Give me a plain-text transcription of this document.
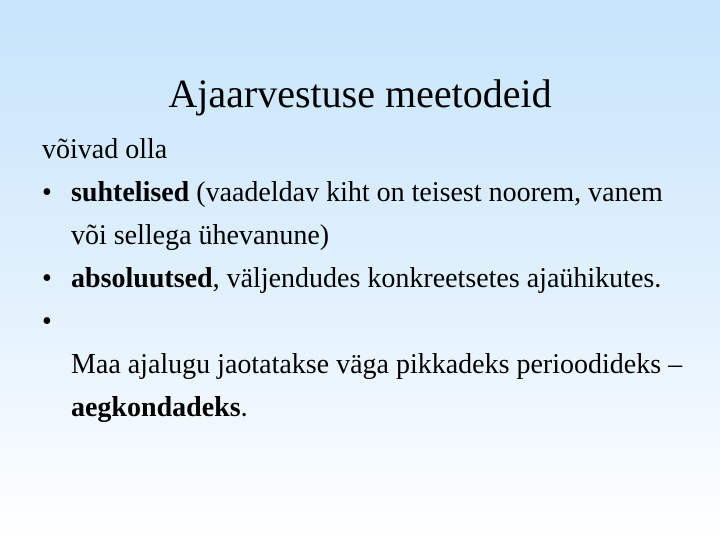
Ajaarvestuse meetodeid

võivad olla

• suhtelised (vaadeldav kiht on teisest noorem, vanem või sellega ühevanune)
• absoluutsed, väljendudes konkreetsetes ajaühikutes.
•
Maa ajalugu jaotatakse väga pikkadeks perioodideks – aegkondadeks.
